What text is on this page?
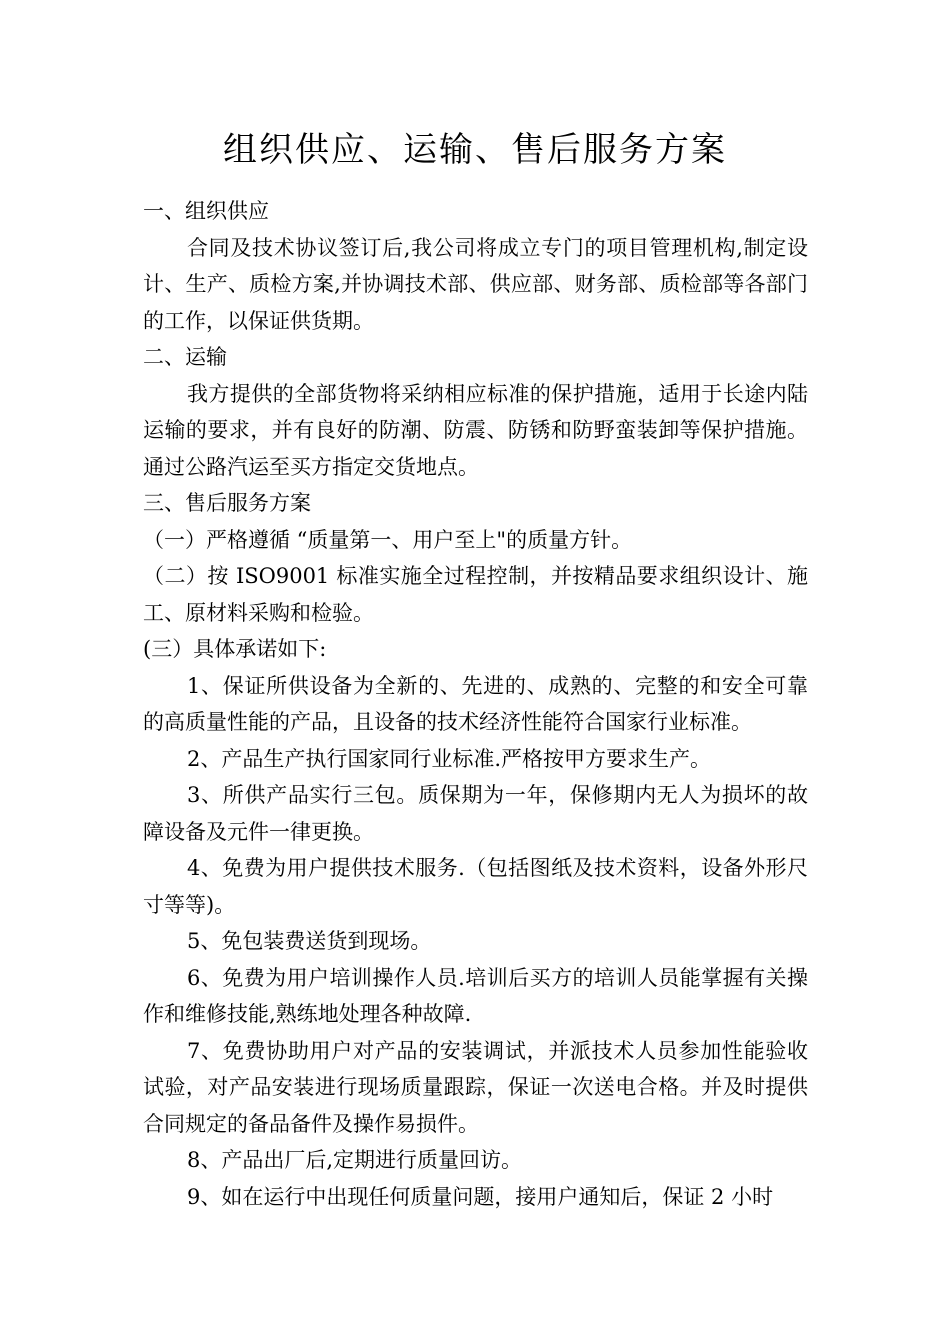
组织供应、运输、售后服务方案

一、组织供应

合同及技术协议签订后,我公司将成立专门的项目管理机构,制定设计、生产、质检方案,并协调技术部、供应部、财务部、质检部等各部门的工作，以保证供货期。

二、运输

我方提供的全部货物将采纳相应标准的保护措施，适用于长途内陆运输的要求，并有良好的防潮、防震、防锈和防野蛮装卸等保护措施。通过公路汽运至买方指定交货地点。

三、售后服务方案

（一）严格遵循 “质量第一、用户至上"的质量方针。

（二）按 ISO9001 标准实施全过程控制，并按精品要求组织设计、施工、原材料采购和检验。

(三）具体承诺如下:

1、保证所供设备为全新的、先进的、成熟的、完整的和安全可靠的高质量性能的产品，且设备的技术经济性能符合国家行业标准。

2、产品生产执行国家同行业标准.严格按甲方要求生产。

3、所供产品实行三包。质保期为一年，保修期内无人为损坏的故障设备及元件一律更换。

4、免费为用户提供技术服务.（包括图纸及技术资料，设备外形尺寸等等)。

5、免包装费送货到现场。

6、免费为用户培训操作人员.培训后买方的培训人员能掌握有关操作和维修技能,熟练地处理各种故障.

7、免费协助用户对产品的安装调试，并派技术人员参加性能验收试验，对产品安装进行现场质量跟踪，保证一次送电合格。并及时提供合同规定的备品备件及操作易损件。

8、产品出厂后,定期进行质量回访。

9、如在运行中出现任何质量问题，接用户通知后，保证 2 小时
